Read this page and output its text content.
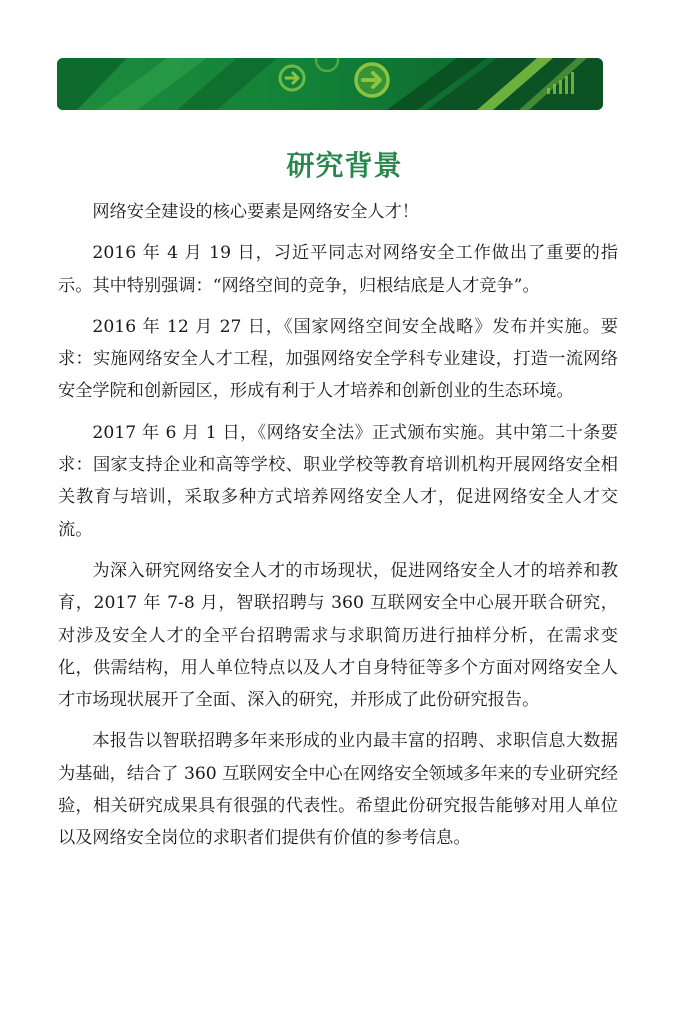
研究背景

网络安全建设的核心要素是网络安全人才！

2016 年 4 月 19 日，习近平同志对网络安全工作做出了重要的指示。其中特别强调：“网络空间的竞争，归根结底是人才竞争”。

2016 年 12 月 27 日，《国家网络空间安全战略》发布并实施。要求：实施网络安全人才工程，加强网络安全学科专业建设，打造一流网络安全学院和创新园区，形成有利于人才培养和创新创业的生态环境。

2017 年 6 月 1 日，《网络安全法》正式颁布实施。其中第二十条要求：国家支持企业和高等学校、职业学校等教育培训机构开展网络安全相关教育与培训，采取多种方式培养网络安全人才，促进网络安全人才交流。

为深入研究网络安全人才的市场现状，促进网络安全人才的培养和教育，2017 年 7-8 月，智联招聘与 360 互联网安全中心展开联合研究，对涉及安全人才的全平台招聘需求与求职简历进行抽样分析，在需求变化，供需结构，用人单位特点以及人才自身特征等多个方面对网络安全人才市场现状展开了全面、深入的研究，并形成了此份研究报告。

本报告以智联招聘多年来形成的业内最丰富的招聘、求职信息大数据为基础，结合了 360 互联网安全中心在网络安全领域多年来的专业研究经验，相关研究成果具有很强的代表性。希望此份研究报告能够对用人单位以及网络安全岗位的求职者们提供有价值的参考信息。
